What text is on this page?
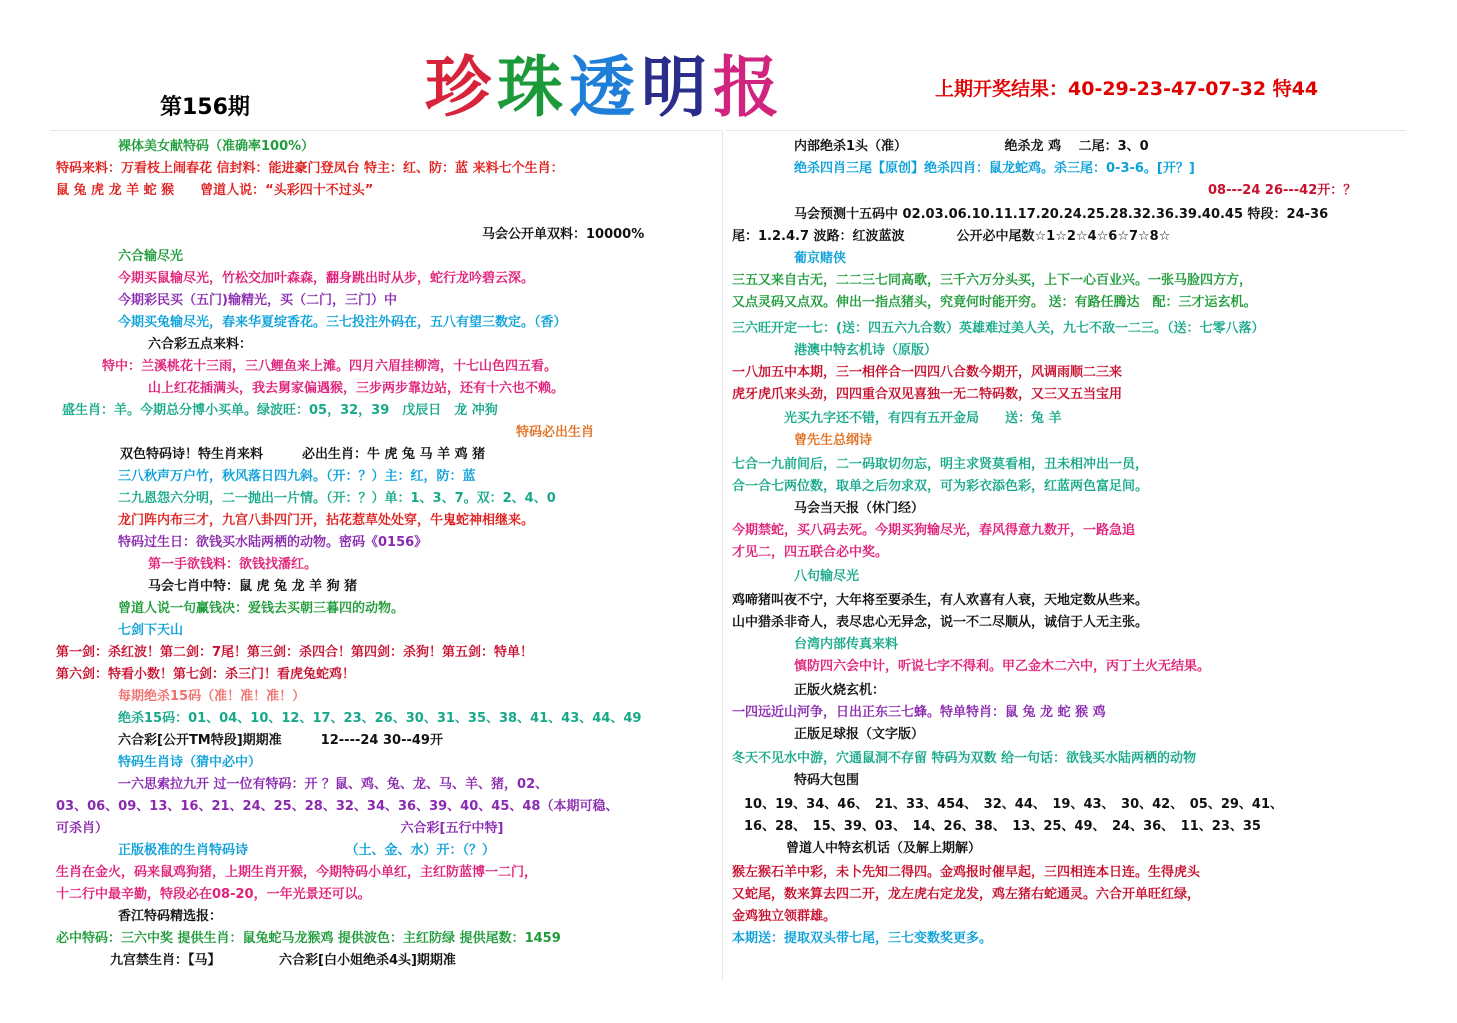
珍珠透明报
第156期
上期开奖结果：40-29-23-47-07-32 特44
裸体美女献特码（准确率100%）
特码来料：万看枝上闹春花 信封料：能进豪门登凤台 特主：红、防：蓝 来料七个生肖：
鼠 兔 虎 龙 羊 蛇 猴　　曾道人说：“头彩四十不过头”
马会公开单双料：10000%
六合输尽光
今期买鼠输尽光，竹松交加叶森森，翻身跳出时从步，蛇行龙吟碧云深。
今期彩民买（五门)输精光，买（二门，三门）中
今期买兔输尽光，春来华夏绽香花。三七投注外码在，五八有望三数定。（香）
六合彩五点来料：
特中：兰溪桃花十三雨，三八鲤鱼来上滩。四月六眉挂柳湾，十七山色四五看。
山上红花插满头，我去舅家偏遇猴，三步两步靠边站，还有十六也不赖。
盛生肖：羊。今期总分博小买单。绿波旺：05，32，39　戊辰日　龙 冲狗
特码必出生肖
双色特码诗！特生肖来料　　　必出生肖：牛 虎 兔 马 羊 鸡 猪
三八秋声万户竹，秋风落日四九斜。（开：？）主：红，防：蓝
二九恩怨六分明，二一抛出一片情。（开：？）单：1、3、7。双：2、4、0
龙门阵内布三才，九宫八卦四门开，拈花惹草处处穿，牛鬼蛇神相继来。
特码过生日：欲钱买水陆两栖的动物。密码《0156》
第一手欲钱料：欲钱找潘红。
马会七肖中特：鼠 虎 兔 龙 羊 狗 猪
曾道人说一句赢钱决：爱钱去买朝三暮四的动物。
七剑下天山
第一剑：杀红波！第二剑：7尾！第三剑：杀四合！第四剑：杀狗！第五剑：特单！
第六剑：特看小数！第七剑：杀三门！看虎兔蛇鸡！
每期绝杀15码（准！准！准！）
绝杀15码：01、04、10、12、17、23、26、30、31、35、38、41、43、44、49
六合彩[公开TM特段]期期准　　　12----24 30--49开
特码生肖诗（猜中必中）
一六思索拉九开 过一位有特码：开 ？鼠、鸡、兔、龙、马、羊、猪，02、
03、06、09、13、16、21、24、25、28、32、34、36、39、40、45、48（本期可稳、
可杀肖）　　　　　　　　　　　　　　　　　　　　　　　六合彩[五行中特]
正版极准的生肖特码诗　　　　　　　　（土、金、水）开：（？）
生肖在金火，码来鼠鸡狗猪，上期生肖开猴，今期特码小单红，主红防蓝博一二门，
十二行中最辛勤，特段必在08-20，一年光景还可以。
香江特码精选报：
必中特码：三六中奖 提供生肖：鼠兔蛇马龙猴鸡 提供波色：主红防绿 提供尾数：1459
九宫禁生肖：【马】　　　　　六合彩[白小姐绝杀4头]期期准
内部绝杀1头（准）　　　　　　　　绝杀龙 鸡　 二尾：3、0
绝杀四肖三尾【原创】绝杀四肖：鼠龙蛇鸡。杀三尾：0-3-6。[开？]
08---24 26---42开：？
马会预测十五码中 02.03.06.10.11.17.20.24.25.28.32.36.39.40.45 特段：24-36
尾：1.2.4.7 波路：红波蓝波　　　　公开必中尾数☆1☆2☆4☆6☆7☆8☆
葡京赌侠
三五又来自古无，二二三七同高歌，三千六万分头买，上下一心百业兴。一张马脸四方方，
又点灵码又点双。伸出一指点猪头，究竟何时能开穷。 送：有路任腾达　配：三才运玄机。
三六旺开定一七：(送：四五六九合数）英雄难过美人关，九七不敌一二三。（送：七零八落）
港澳中特玄机诗（原版）
一八加五中本期，三一相伴合一四四八合数今期开，风调雨顺二三来
虎牙虎爪来头劲，四四重合双见喜独一无二特码数，又三又五当宝用
光买九字还不错，有四有五开金局　　送：兔 羊
曾先生总纲诗
七合一九前间后，二一码取切勿忘，明主求贤莫看相，丑未相冲出一员，
合一合七两位数，取单之后勿求双，可为彩衣添色彩，红蓝两色富足间。
马会当天报（休门经）
今期禁蛇，买八码去死。今期买狗输尽光，春风得意九数开，一路急追
才见二，四五联合必中奖。
八句输尽光
鸡啼猪叫夜不宁，大年将至要杀生，有人欢喜有人衰，天地定数从些来。
山中猎杀非奇人，表尽忠心无异念，说一不二尽顺从，诚信于人无主张。
台湾内部传真来料
慎防四六会中计，听说七字不得利。甲乙金木二六中，丙丁土火无结果。
正版火烧玄机：
一四远近山河争，日出正东三七蜂。特单特肖：鼠 兔 龙 蛇 猴 鸡
正版足球报（文字版）
冬天不见水中游，穴通鼠洞不存留 特码为双数 给一句话：欲钱买水陆两栖的动物
特码大包围
10、19、34、46、　21、33、454、　32、44、　19、43、　30、42、　05、29、41、
16、28、　15、39、03、　14、26、38、　13、25、49、　24、36、　11、23、35
曾道人中特玄机话（及解上期解）
猴左猴石羊中彩，未卜先知二得四。金鸡报时催早起，三四相连本日连。生得虎头
又蛇尾，数来算去四二开，龙左虎右定龙发，鸡左猪右蛇通灵。六合开单旺红绿，
金鸡独立领群雄。
本期送：提取双头带七尾，三七变数奖更多。
